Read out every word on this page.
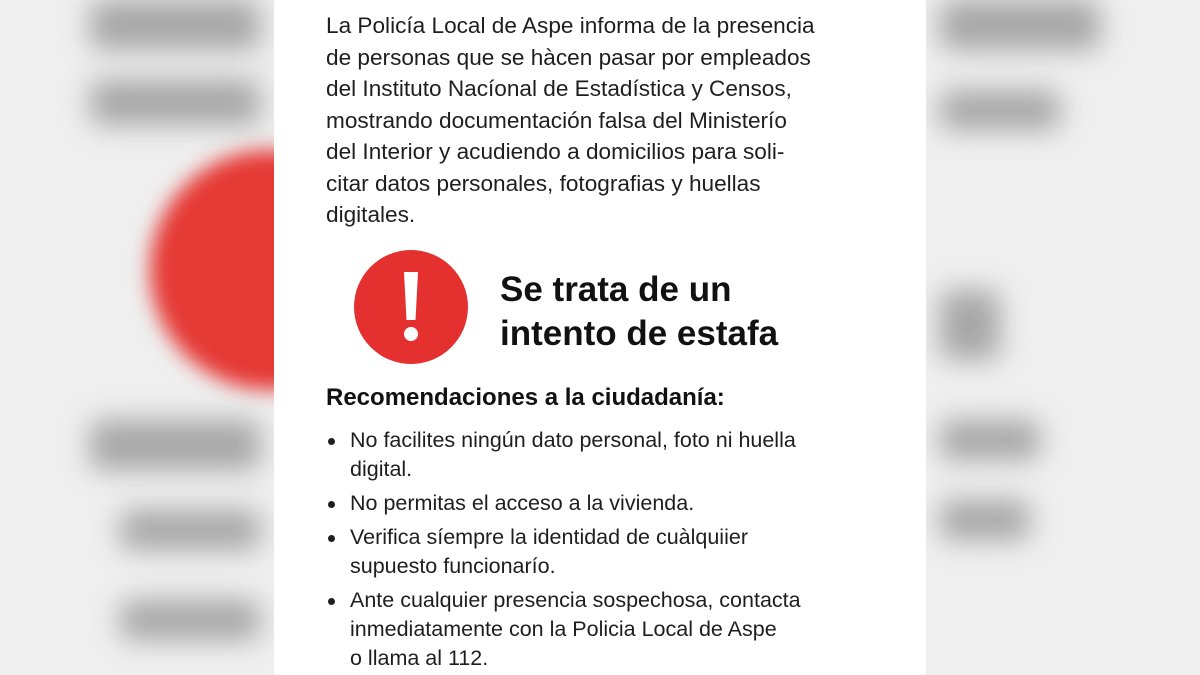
La Policía Local de Aspe informa de la presencia

de personas que se hàcen pasar por empleados

del Instituto Nacíonal de Estadística y Censos,

mostrando documentación falsa del Ministerío

del Interior y acudiendo a domicilios para soli-

citar datos personales, fotografias y huellas

digitales.

Se trata de un
intento de estafa
Recomendaciones a la ciudadanía:
No facilites ningún dato personal, foto ni huella
digital.
No permitas el acceso a la vivienda.
Verifica síempre la identidad de cuàlquiier
supuesto funcionarío.
Ante cualquier presencia sospechosa, contacta
inmediatamente con la Policia Local de Aspe
o llama al 112.
